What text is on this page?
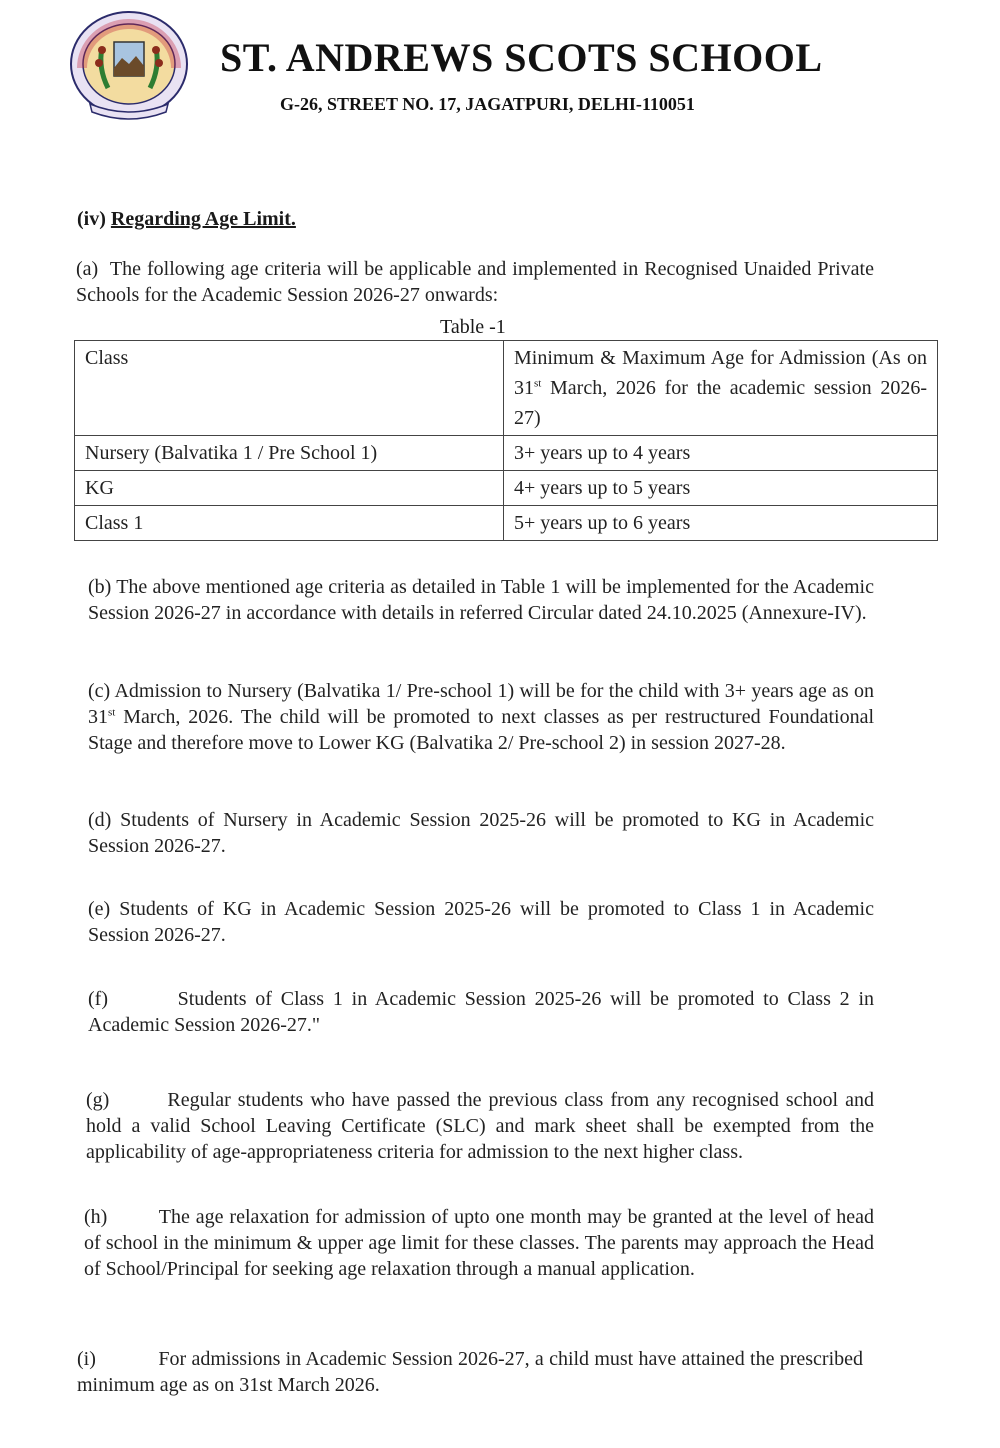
ST. ANDREWS SCOTS SCHOOL
G-26, STREET NO. 17, JAGATPURI, DELHI-110051
(iv) Regarding Age Limit.
(a) The following age criteria will be applicable and implemented in Recognised Unaided Private Schools for the Academic Session 2026-27 onwards:
Table -1
Class	Minimum & Maximum Age for Admission (As on 31st March, 2026 for the academic session 2026-27)
Nursery (Balvatika 1 / Pre School 1)	3+ years up to 4 years
KG	4+ years up to 5 years
Class 1	5+ years up to 6 years
(b) The above mentioned age criteria as detailed in Table 1 will be implemented for the Academic Session 2026-27 in accordance with details in referred Circular dated 24.10.2025 (Annexure-IV).
(c) Admission to Nursery (Balvatika 1/ Pre-school 1) will be for the child with 3+ years age as on 31st March, 2026. The child will be promoted to next classes as per restructured Foundational Stage and therefore move to Lower KG (Balvatika 2/ Pre-school 2) in session 2027-28.
(d) Students of Nursery in Academic Session 2025-26 will be promoted to KG in Academic Session 2026-27.
(e) Students of KG in Academic Session 2025-26 will be promoted to Class 1 in Academic Session 2026-27.
(f)	Students of Class 1 in Academic Session 2025-26 will be promoted to Class 2 in Academic Session 2026-27."
(g)	Regular students who have passed the previous class from any recognised school and hold a valid School Leaving Certificate (SLC) and mark sheet shall be exempted from the applicability of age-appropriateness criteria for admission to the next higher class.
(h)	The age relaxation for admission of upto one month may be granted at the level of head of school in the minimum & upper age limit for these classes. The parents may approach the Head of School/Principal for seeking age relaxation through a manual application.
(i)	For admissions in Academic Session 2026-27, a child must have attained the prescribed minimum age as on 31st March 2026.
